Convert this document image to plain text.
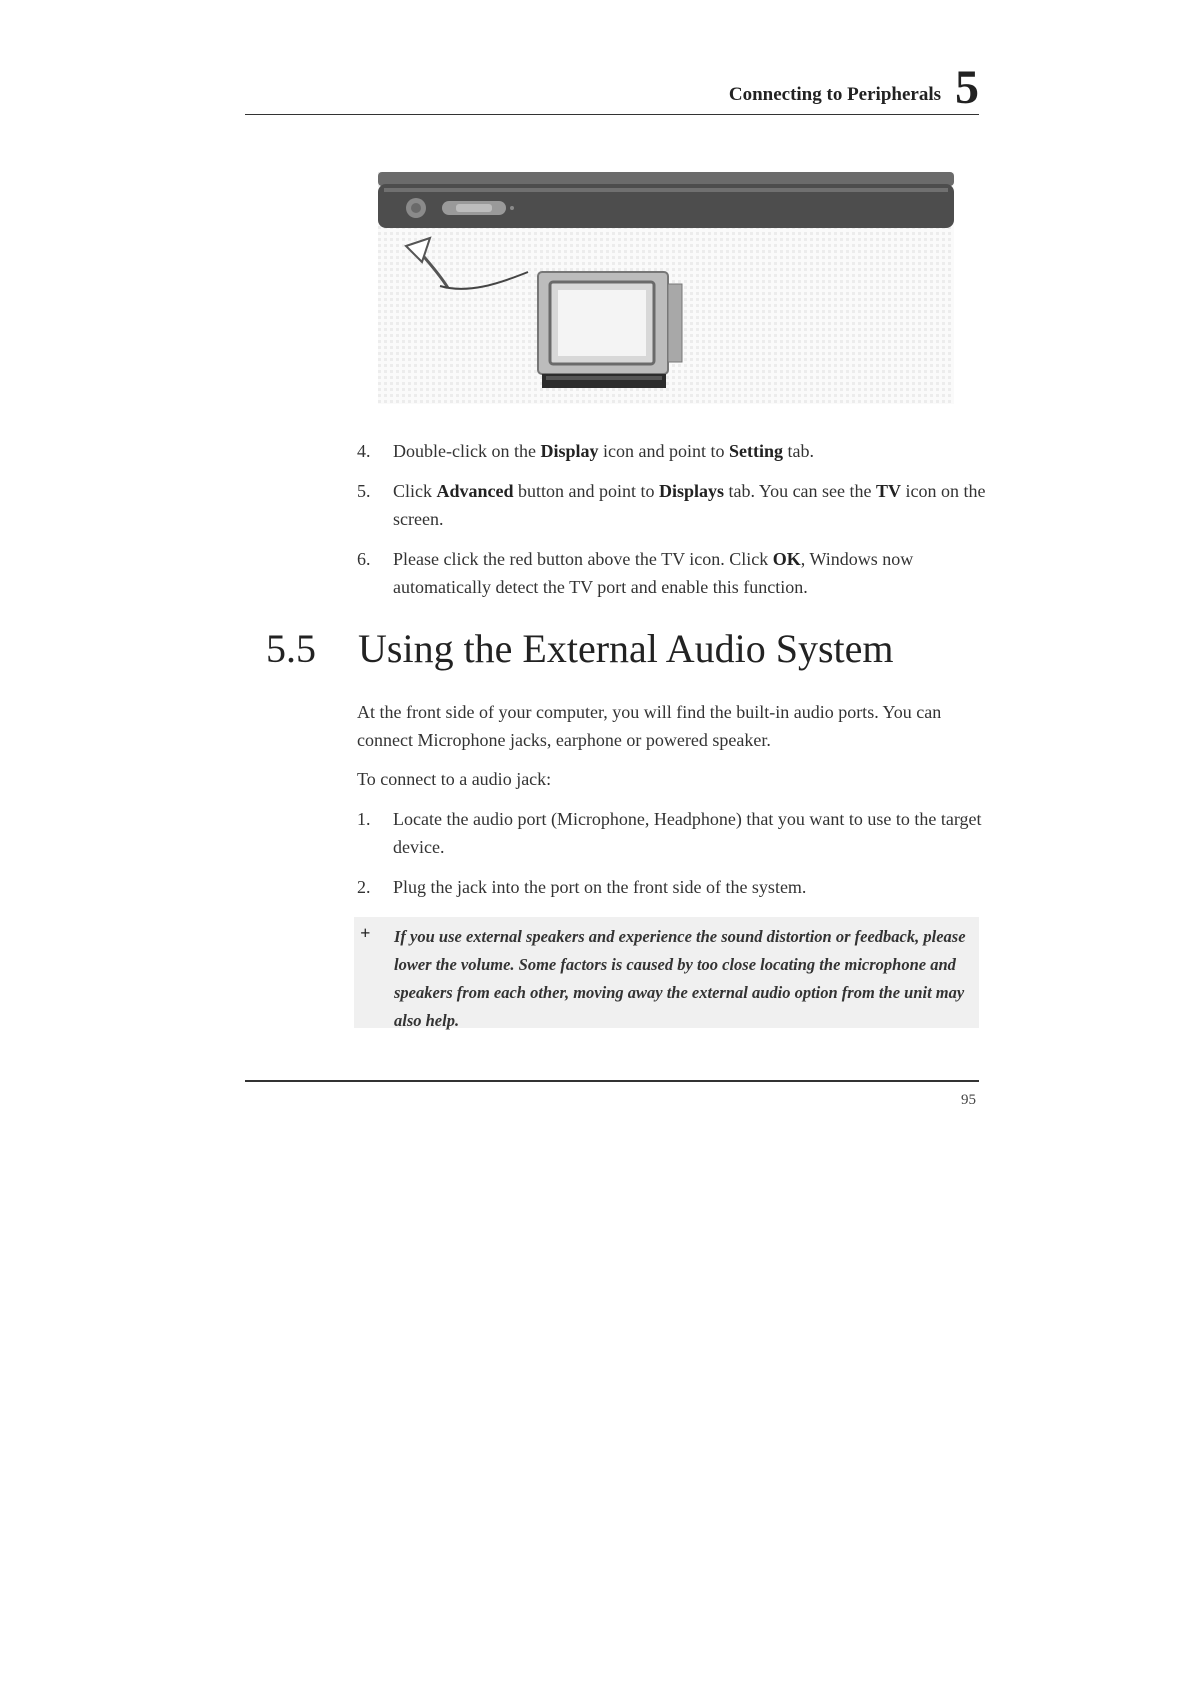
Connecting to Peripherals 5
4.	Double-click on the Display icon and point to Setting tab.
5.	Click Advanced button and point to Displays tab. You can see the TV icon on the screen.
6.	Please click the red button above the TV icon. Click OK, Windows now automatically detect the TV port and enable this function.
5.5 Using the External Audio System
At the front side of your computer, you will find the built-in audio ports. You can connect Microphone jacks, earphone or powered speaker.
To connect to a audio jack:
1.	Locate the audio port (Microphone, Headphone) that you want to use to the target device.
2.	Plug the jack into the port on the front side of the system.
+ If you use external speakers and experience the sound distortion or feedback, please lower the volume. Some factors is caused by too close locating the microphone and speakers from each other, moving away the external audio option from the unit may also help.
95
